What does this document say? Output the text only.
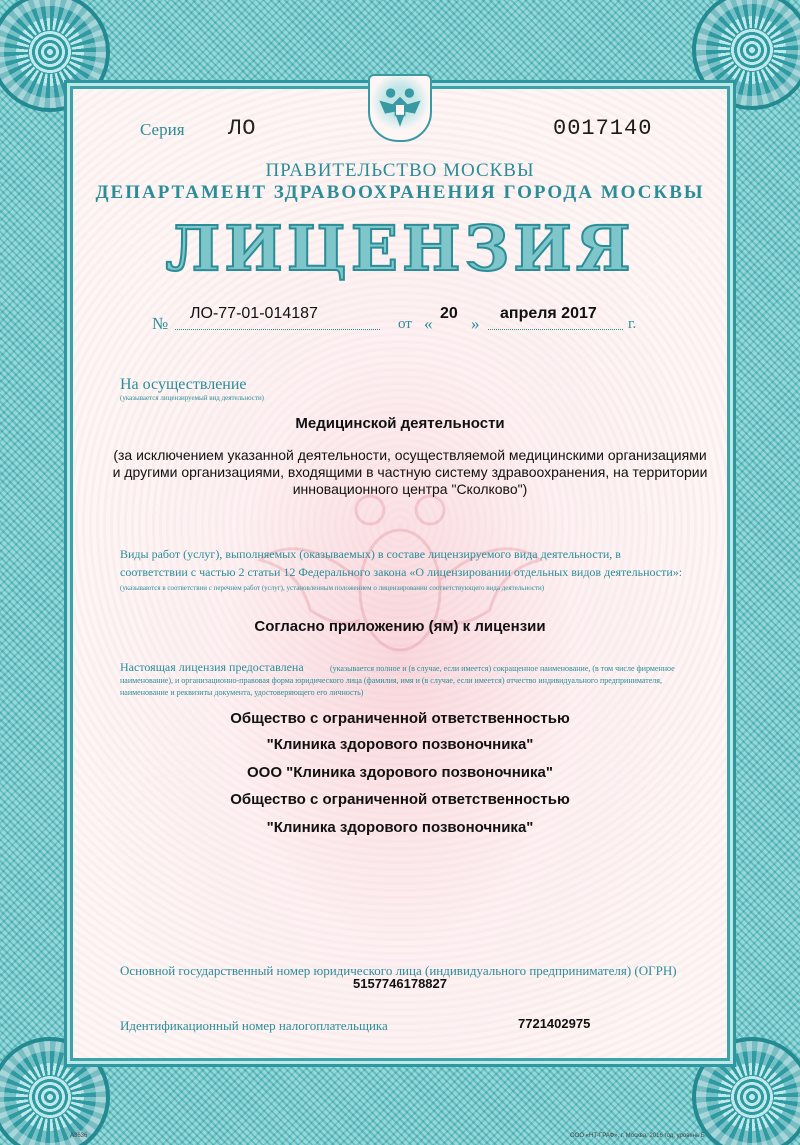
Серия ЛО	0017140
ПРАВИТЕЛЬСТВО МОСКВЫ
ДЕПАРТАМЕНТ ЗДРАВООХРАНЕНИЯ ГОРОДА МОСКВЫ
ЛИЦЕНЗИЯ
№
ЛО-77-01-014187
от «
20
»
апреля 2017
г.
На осуществление
(указывается лицензируемый вид деятельности)
Медицинской деятельности
(за исключением указанной деятельности, осуществляемой медицинскими организациями и другими организациями, входящими в частную систему здравоохранения, на территории инновационного центра "Сколково")
Виды работ (услуг), выполняемых (оказываемых) в составе лицензируемого вида деятельности, в соответствии с частью 2 статьи 12 Федерального закона «О лицензировании отдельных видов деятельности»:
(указываются в соответствии с перечнем работ (услуг), установленным положением о лицензировании соответствующего вида деятельности)
Согласно приложению (ям) к лицензии
Настоящая лицензия предоставлена	(указывается полное и (в случае, если имеется) сокращенное наименование, (в том числе фирменное наименование), и организационно-правовая форма юридического лица (фамилия, имя и (в случае, если имеется) отчество индивидуального предпринимателя, наименование и реквизиты документа, удостоверяющего его личность)
Общество с ограниченной ответственностью
"Клиника здорового позвоночника"
ООО "Клиника здорового позвоночника"
Общество с ограниченной ответственностью
"Клиника здорового позвоночника"
Основной государственный номер юридического лица (индивидуального предпринимателя) (ОГРН)
5157746178827
Идентификационный номер налогоплательщика	7721402975
A3636	ООО «НТ-ГРАФ», г. Москва, 2016 год, уровень Б
